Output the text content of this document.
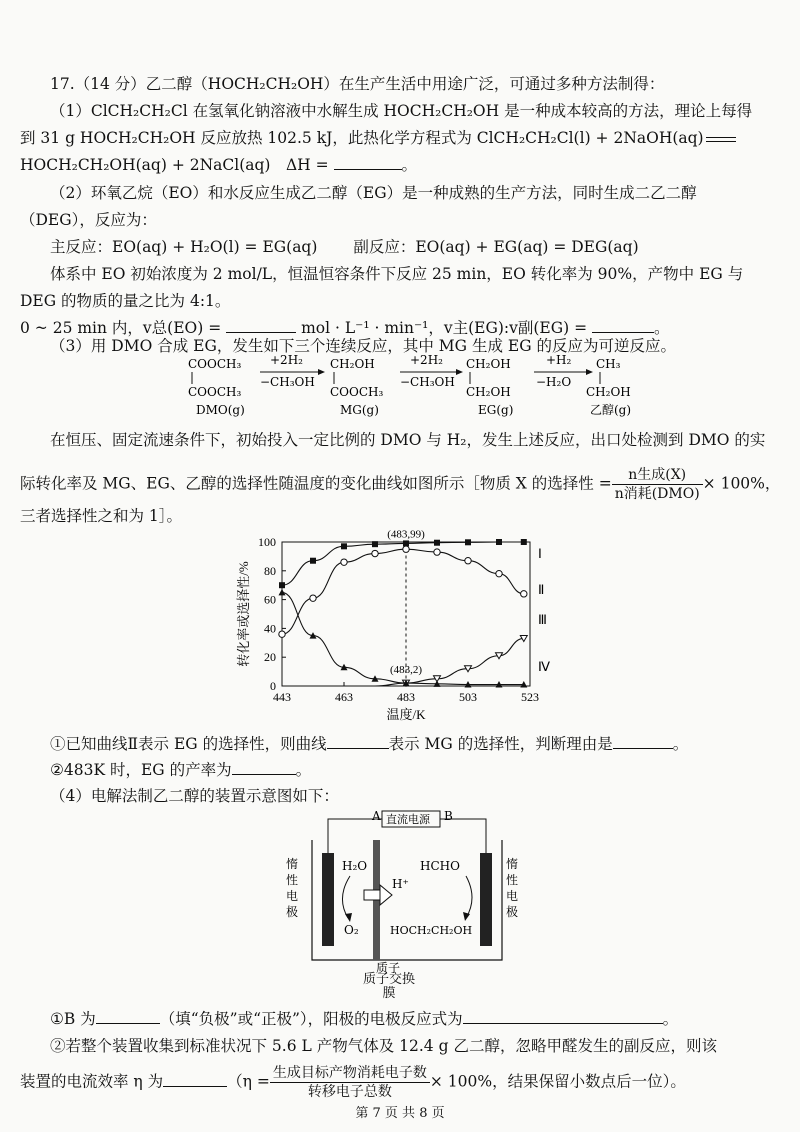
17.（14 分）乙二醇（HOCH₂CH₂OH）在生产生活中用途广泛，可通过多种方法制得：
（1）ClCH₂CH₂Cl 在氢氧化钠溶液中水解生成 HOCH₂CH₂OH 是一种成本较高的方法，理论上每得
到 31 g HOCH₂CH₂OH 反应放热 102.5 kJ，此热化学方程式为 ClCH₂CH₂Cl(l) + 2NaOH(aq)
HOCH₂CH₂OH(aq) + 2NaCl(aq)　ΔH =	。
（2）环氧乙烷（EO）和水反应生成乙二醇（EG）是一种成熟的生产方法，同时生成二乙二醇
（DEG），反应为：
主反应：EO(aq) + H₂O(l) = EG(aq)　　 副反应：EO(aq) + EG(aq) = DEG(aq)
体系中 EO 初始浓度为 2 mol/L，恒温恒容条件下反应 25 min，EO 转化率为 90%，产物中 EG 与
DEG 的物质的量之比为 4:1。
0 ~ 25 min 内，v总(EO) =	mol · L⁻¹ · min⁻¹，v主(EG):v副(EG) =	。
（3）用 DMO 合成 EG，发生如下三个连续反应，其中 MG 生成 EG 的反应为可逆反应。
COOCH₃
COOCH₃
DMO(g)
+2H₂
−CH₃OH
CH₂OH
COOCH₃
MG(g)
+2H₂
−CH₃OH
CH₂OH
CH₂OH
EG(g)
+H₂
−H₂O
CH₃
CH₂OH
乙醇(g)
在恒压、固定流速条件下，初始投入一定比例的 DMO 与 H₂，发生上述反应，出口处检测到 DMO 的实
际转化率及 MG、EG、乙醇的选择性随温度的变化曲线如图所示［物质 X 的选择性 = $\frac{\text{n生成(X)}}{\text{n消耗(DMO)}} \times 100\%$，
三者选择性之和为 1］。
0
20
40
60
80
100
443	463	483	503	523
温度/K
转化率或选择性/%
(483,99)
(483,2)
Ⅰ
Ⅱ
Ⅲ
Ⅳ
①已知曲线Ⅱ表示 EG 的选择性，则曲线	表示 MG 的选择性，判断理由是	。
②483K 时，EG 的产率为	。
（4）电解法制乙二醇的装置示意图如下：
A	B
直流电源
惰
性
电
极
惰
性
电
极
H₂O
O₂
H⁺
HCHO
HOCH₂CH₂OH
质子
质子交换膜
①B 为	（填“负极”或“正极”），阳极的电极反应式为	。
②若整个装置收集到标准状况下 5.6 L 产物气体及 12.4 g 乙二醇，忽略甲醛发生的副反应，则该
装置的电流效率 η 为	（$\eta = \frac{\text{生成目标产物消耗电子数}}{\text{转移电子总数}} \times 100\%$，结果保留小数点后一位）。
第 7 页 共 8 页
